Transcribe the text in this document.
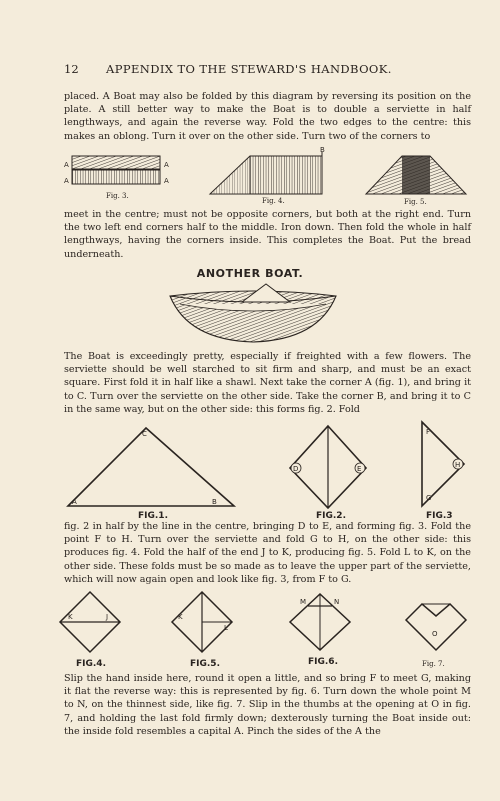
12 APPENDIX TO THE STEWARD'S HANDBOOK.
placed. A Boat may also be folded by this diagram by reversing its position on the plate. A still better way to make the Boat is to double a serviette in half lengthways, and again the reverse way. Fold the two edges to the centre: this makes an oblong. Turn it over on the other side. Turn two of the corners to
A
A
A
A
Fig. 3.
B
Fig. 4.	Fig. 5.
meet in the centre; must not be opposite corners, but both at the right end. Turn the two left end corners half to the middle. Iron down. Then fold the whole in half lengthways, having the corners inside. This completes the Boat. Put the bread underneath.
ANOTHER BOAT.
The Boat is exceedingly pretty, especially if freighted with a few flowers. The serviette should be well starched to sit firm and sharp, and must be an exact square. First fold it in half like a shawl. Next take the corner A (fig. 1), and bring it to C. Turn over the serviette on the other side. Take the corner B, and bring it to C in the same way, but on the other side: this forms fig. 2. Fold
C
A	B
FIG.1.
D	E
FIG.2.
F
H
G
FIG.3
fig. 2 in half by the line in the centre, bringing D to E, and forming fig. 3. Fold the point F to H. Turn over the serviette and fold G to H, on the other side: this produces fig. 4. Fold the half of the end J to K, producing fig. 5. Fold L to K, on the other side. These folds must be so made as to leave the upper part of the serviette, which will now again open and look like fig. 3, from F to G.
K	J
FIG.4.
K
L
FIG.5.
M	N
FIG.6.
O
Fig. 7.
Slip the hand inside here, round it open a little, and so bring F to meet G, making it flat the reverse way: this is represented by fig. 6. Turn down the whole point M to N, on the thinnest side, like fig. 7. Slip in the thumbs at the opening at O in fig. 7, and holding the last fold firmly down; dexterously turning the Boat inside out: the inside fold resembles a capital A. Pinch the sides of the A the
